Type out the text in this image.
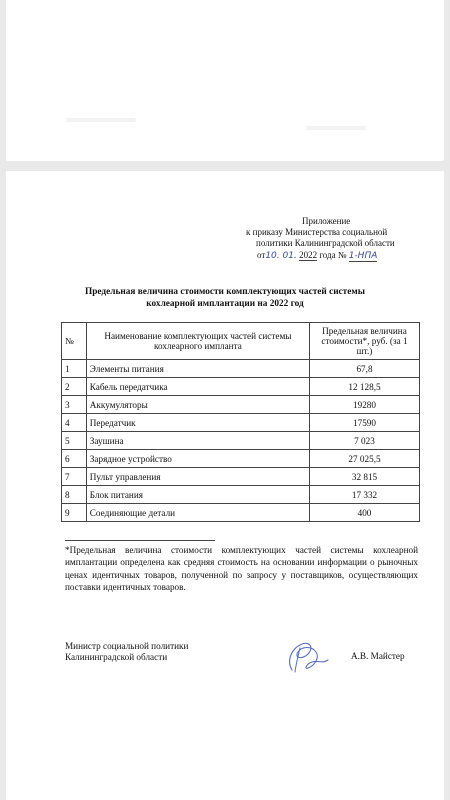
Приложение
к приказу Министерства социальной
политики Калининградской области
от10. 01. 2022 года № 1-НПА
Предельная величина стоимости комплектующих частей системы
кохлеарной имплантации на 2022 год
№	Наименование комплектующих частей системы кохлеарного импланта	Предельная величина стоимости*, руб. (за 1 шт.)
1	Элементы питания	67,8
2	Кабель передатчика	12 128,5
3	Аккумуляторы	19280
4	Передатчик	17590
5	Заушина	7 023
6	Зарядное устройство	27 025,5
7	Пульт управления	32 815
8	Блок питания	17 332
9	Соединяющие детали	400
*Предельная величина стоимости комплектующих частей системы кохлеарной имплантации определена как средняя стоимость на основании информации о рыночных ценах идентичных товаров, полученной по запросу у поставщиков, осуществляющих поставки идентичных товаров.
Министр социальной политики
Калининградской области	А.В. Майстер
